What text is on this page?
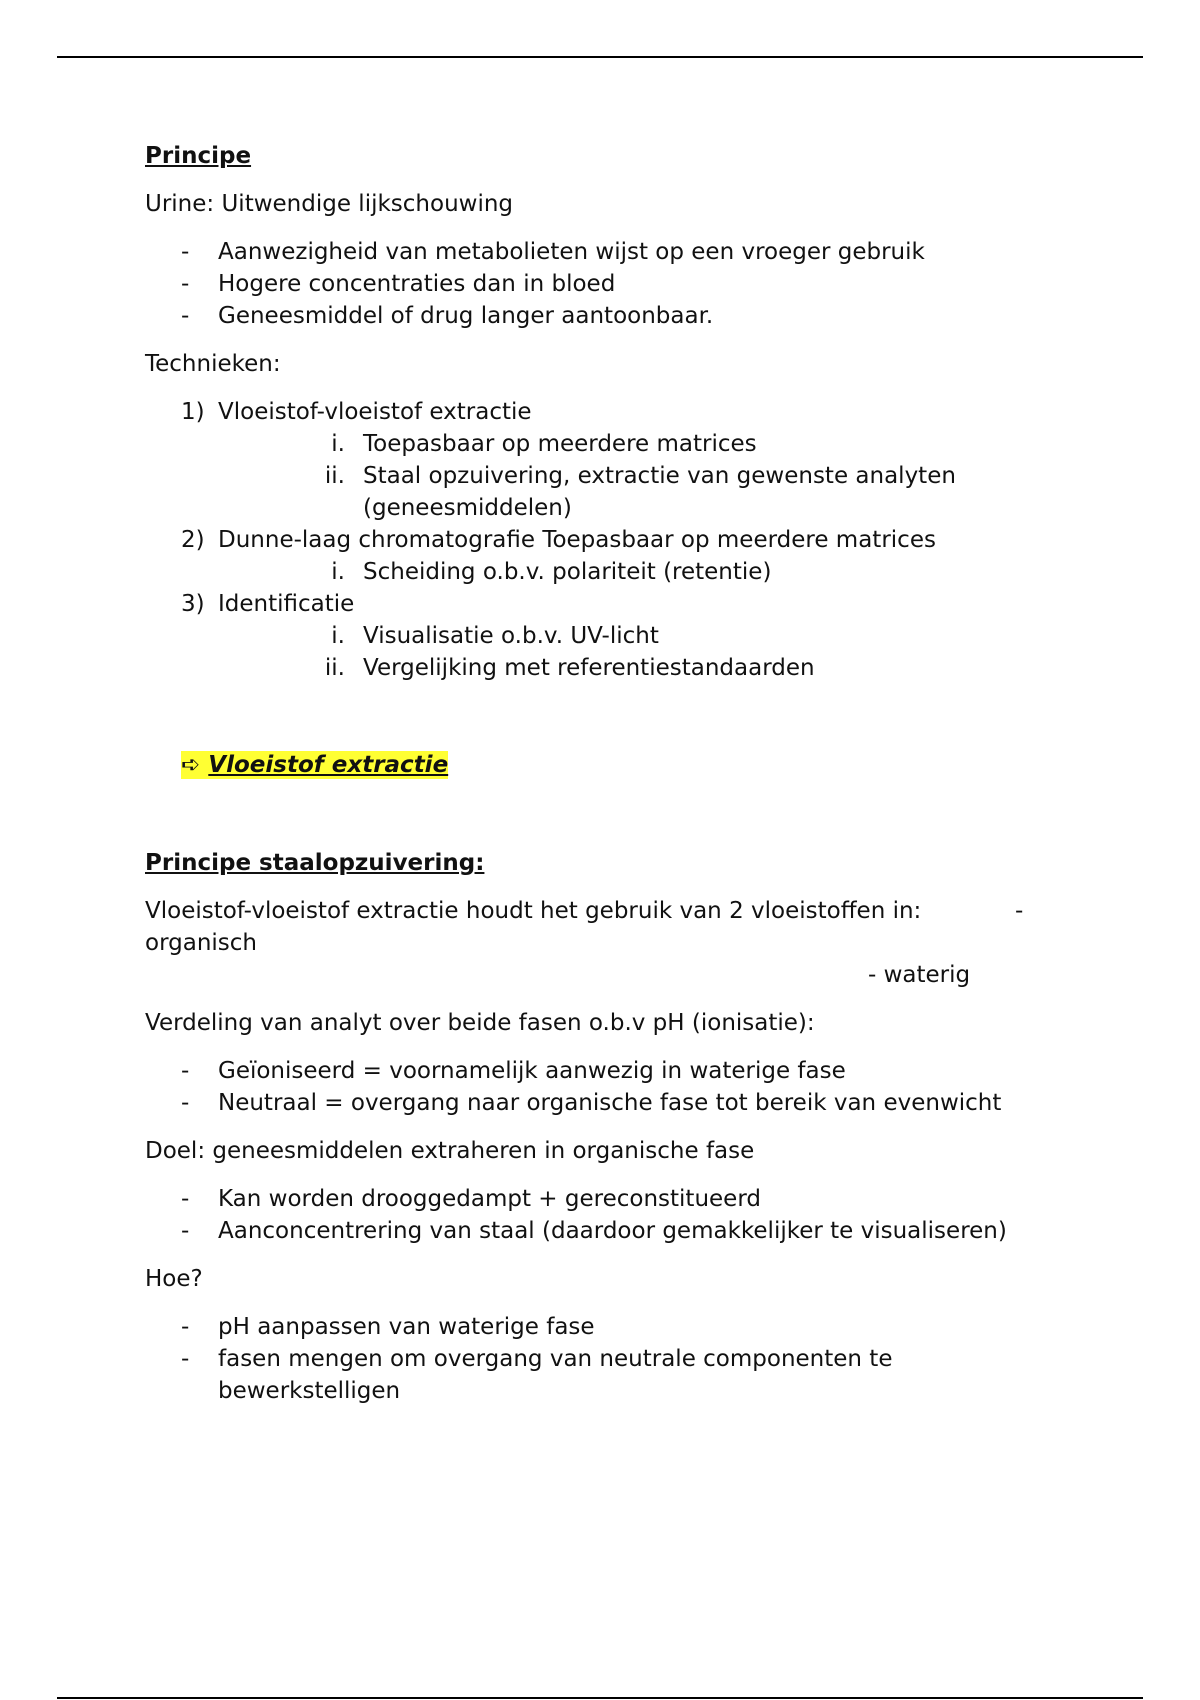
Principe
Urine: Uitwendige lijkschouwing
- Aanwezigheid van metabolieten wijst op een vroeger gebruik
- Hogere concentraties dan in bloed
- Geneesmiddel of drug langer aantoonbaar.
Technieken:
1) Vloeistof-vloeistof extractie
i. Toepasbaar op meerdere matrices
ii. Staal opzuivering, extractie van gewenste analyten
(geneesmiddelen)
2) Dunne-laag chromatografie Toepasbaar op meerdere matrices
i. Scheiding o.b.v. polariteit (retentie)
3) Identificatie
i. Visualisatie o.b.v. UV-licht
ii. Vergelijking met referentiestandaarden
➪ Vloeistof extractie
Principe staalopzuivering:
Vloeistof-vloeistof extractie houdt het gebruik van 2 vloeistoffen in:	-
organisch
- waterig
Verdeling van analyt over beide fasen o.b.v pH (ionisatie):
- Geïoniseerd = voornamelijk aanwezig in waterige fase
- Neutraal = overgang naar organische fase tot bereik van evenwicht
Doel: geneesmiddelen extraheren in organische fase
- Kan worden drooggedampt + gereconstitueerd
- Aanconcentrering van staal (daardoor gemakkelijker te visualiseren)
Hoe?
- pH aanpassen van waterige fase
- fasen mengen om overgang van neutrale componenten te
bewerkstelligen
